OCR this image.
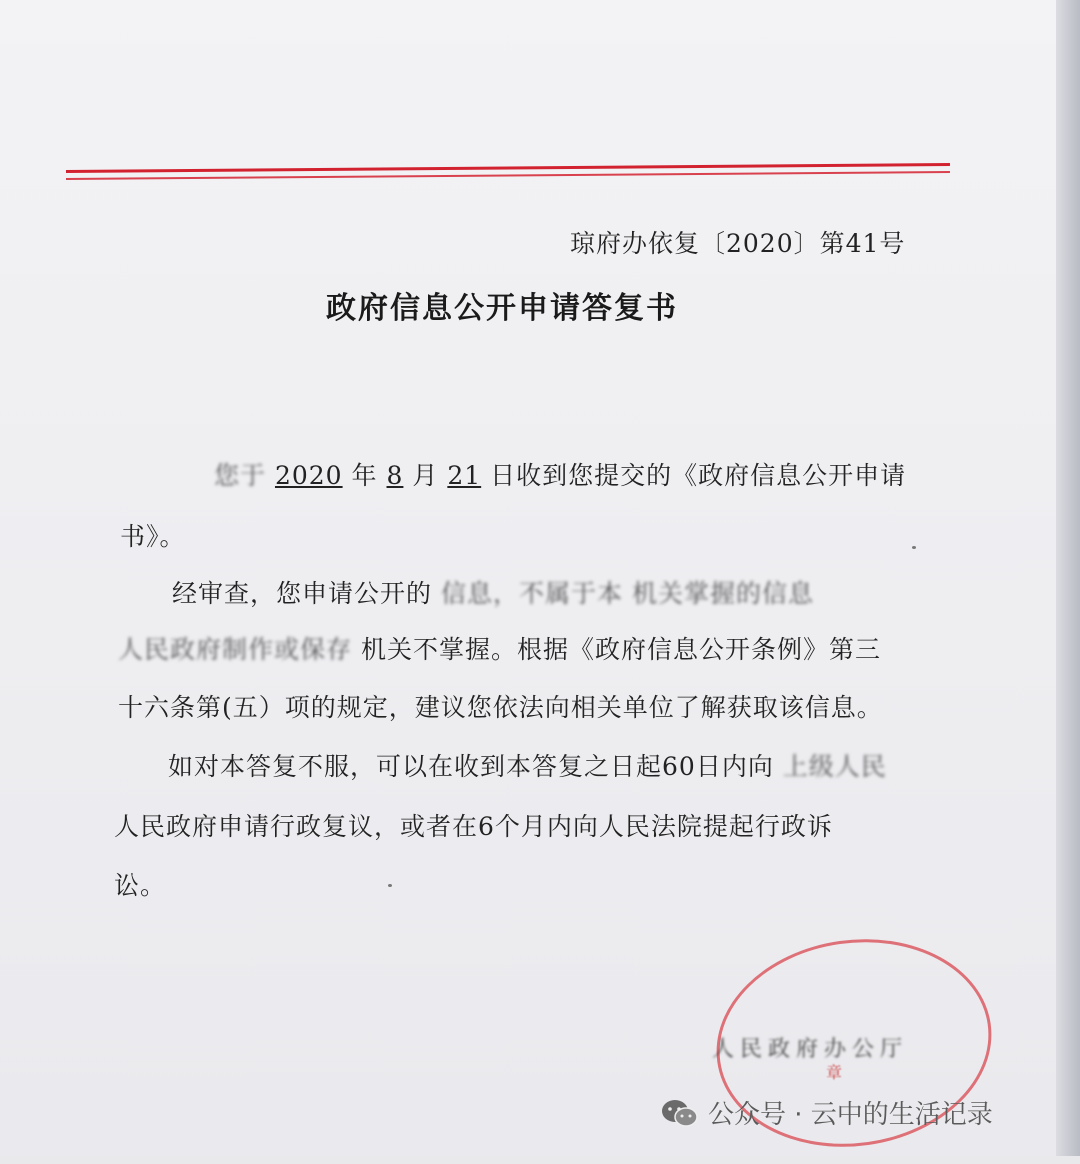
琼府办依复〔2020〕第41号
政府信息公开申请答复书
您于 2020 年 8 月 21 日收到您提交的《政府信息公开申请
书》。
经审查，您申请公开的 信息，不属于本 机关掌握的信息
人民政府制作或保存 机关不掌握。根据《政府信息公开条例》第三
十六条第(五）项的规定，建议您依法向相关单位了解获取该信息。
如对本答复不服，可以在收到本答复之日起60日内向 上级人民
人民政府申请行政复议，或者在6个月内向人民法院提起行政诉
讼。
人民政府办公厅
章
公众号 · 云中的生活记录
